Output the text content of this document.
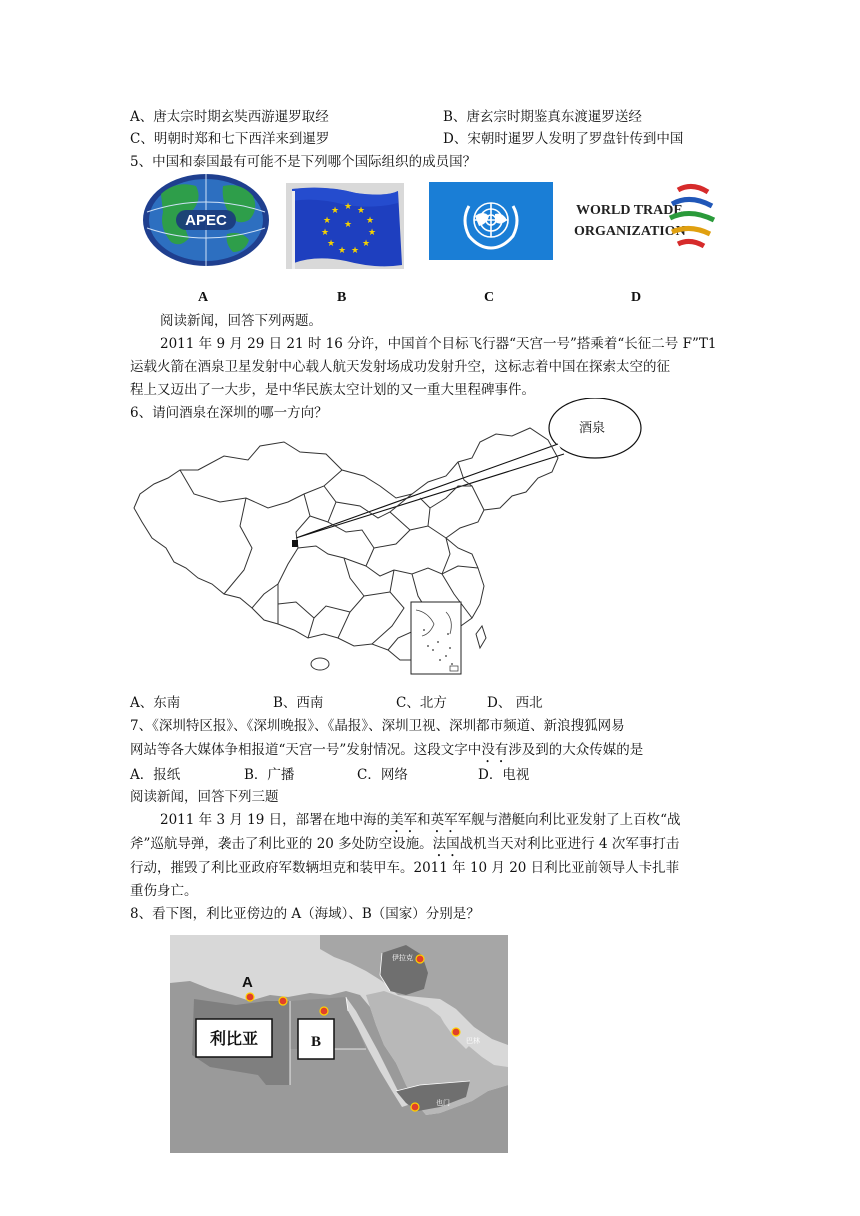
A、唐太宗时期玄奘西游暹罗取经	B、唐玄宗时期鉴真东渡暹罗送经
C、明朝时郑和七下西洋来到暹罗	D、宋朝时暹罗人发明了罗盘针传到中国
5、中国和泰国最有可能不是下列哪个国际组织的成员国？
APEC
★ ★
★
★
★
★
★
★
★
★
★
★
WORLD TRADE
ORGANIZATION
A	B	C	D
阅读新闻，回答下列两题。
2011 年 9 月 29 日 21 时 16 分许，中国首个目标飞行器“天宫一号”搭乘着“长征二号 F”T1
运载火箭在酒泉卫星发射中心载人航天发射场成功发射升空，这标志着中国在探索太空的征
程上又迈出了一大步，是中华民族太空计划的又一重大里程碑事件。
6、请问酒泉在深圳的哪一方向？
酒泉
A、东南	B、西南	C、北方	D、 西北
7、《深圳特区报》、《深圳晚报》、《晶报》、深圳卫视、深圳都市频道、新浪搜狐网易
网站等各大媒体争相报道“天宫一号”发射情况。这段文字中没有涉及到的大众传媒的是
A．报纸	B．广播	C．网络	D．电视
阅读新闻，回答下列三题
2011 年 3 月 19 日，部署在地中海的美军和英军军舰与潜艇向利比亚发射了上百枚“战
斧”巡航导弹，袭击了利比亚的 20 多处防空设施。法国战机当天对利比亚进行 4 次军事打击
行动，摧毁了利比亚政府军数辆坦克和装甲车。2011 年 10 月 20 日利比亚前领导人卡扎菲
重伤身亡。
8、看下图，利比亚傍边的 A（海域）、B（国家）分别是？
伊拉克
巴林
也门
A
利比亚	B
